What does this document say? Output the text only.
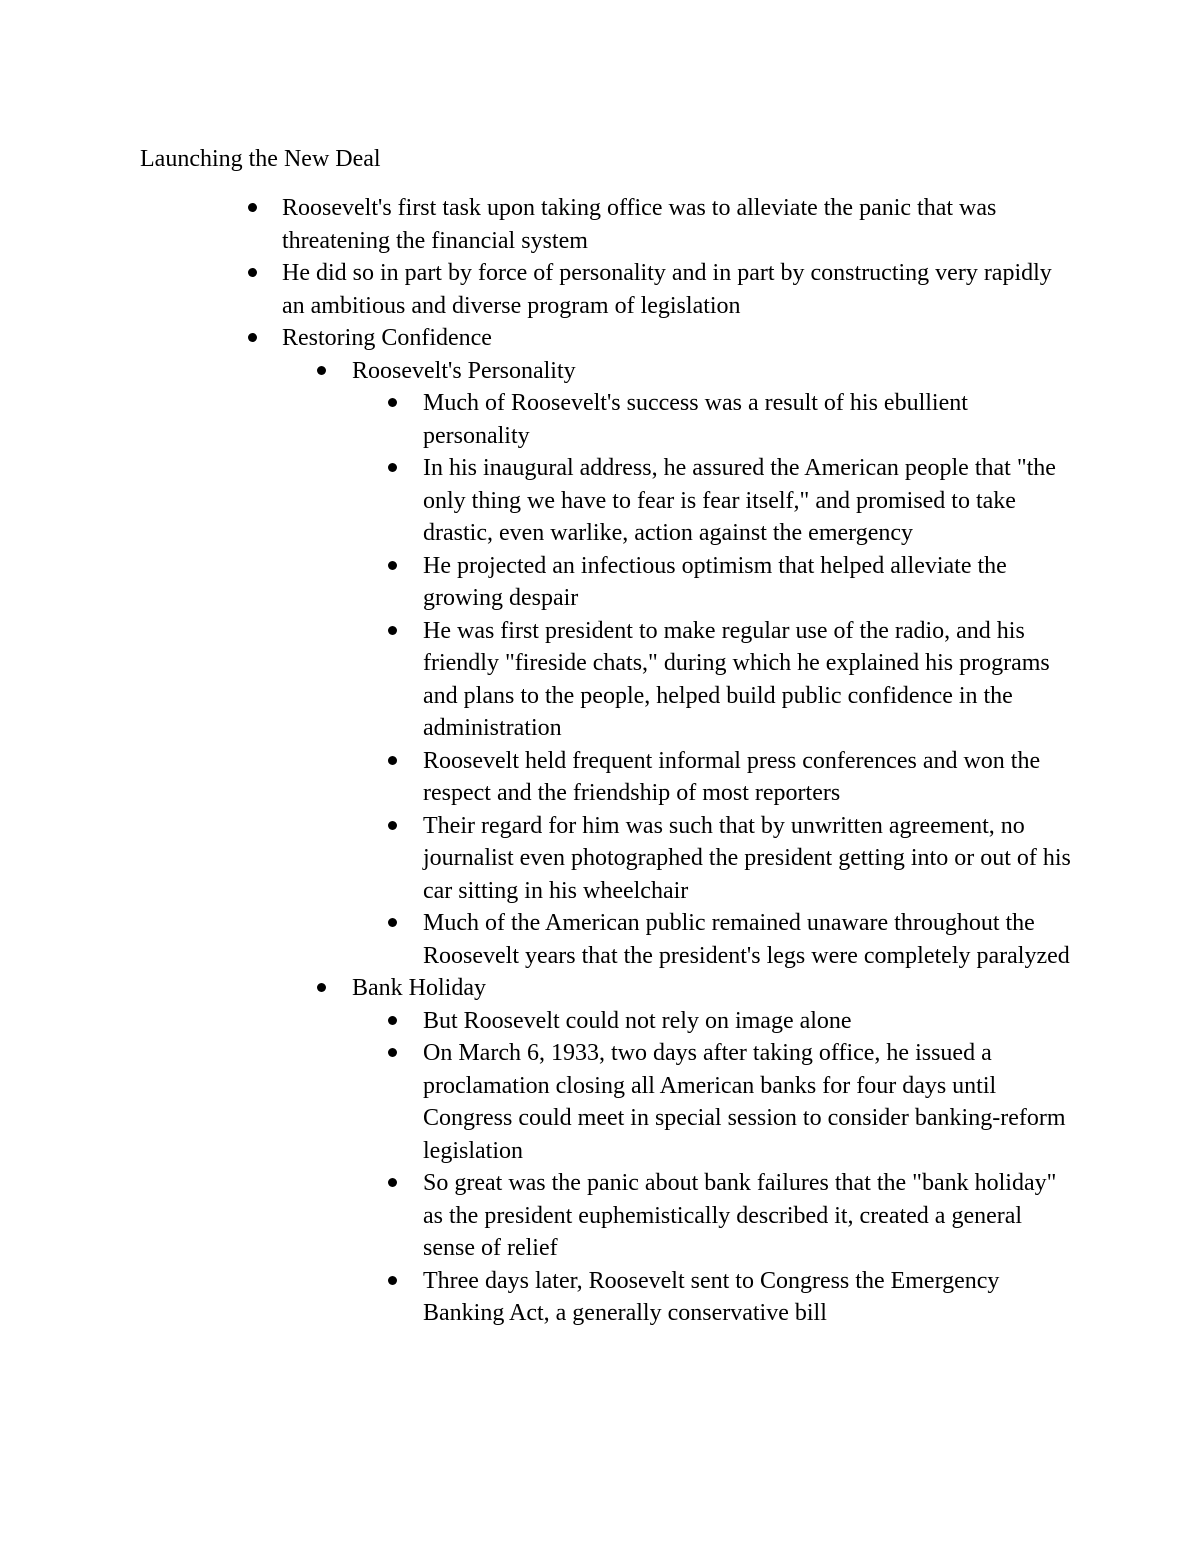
Launching the New Deal
Roosevelt's first task upon taking office was to alleviate the panic that was threatening the financial system
He did so in part by force of personality and in part by constructing very rapidly an ambitious and diverse program of legislation
Restoring Confidence
Roosevelt's Personality
Much of Roosevelt's success was a result of his ebullient personality
In his inaugural address, he assured the American people that "the only thing we have to fear is fear itself," and promised to take drastic, even warlike, action against the emergency
He projected an infectious optimism that helped alleviate the growing despair
He was first president to make regular use of the radio, and his friendly "fireside chats," during which he explained his programs and plans to the people, helped build public confidence in the administration
Roosevelt held frequent informal press conferences and won the respect and the friendship of most reporters
Their regard for him was such that by unwritten agreement, no journalist even photographed the president getting into or out of his car sitting in his wheelchair
Much of the American public remained unaware throughout the Roosevelt years that the president's legs were completely paralyzed
Bank Holiday
But Roosevelt could not rely on image alone
On March 6, 1933, two days after taking office, he issued a proclamation closing all American banks for four days until Congress could meet in special session to consider banking-reform legislation
So great was the panic about bank failures that the "bank holiday" as the president euphemistically described it, created a general sense of relief
Three days later, Roosevelt sent to Congress the Emergency Banking Act, a generally conservative bill
